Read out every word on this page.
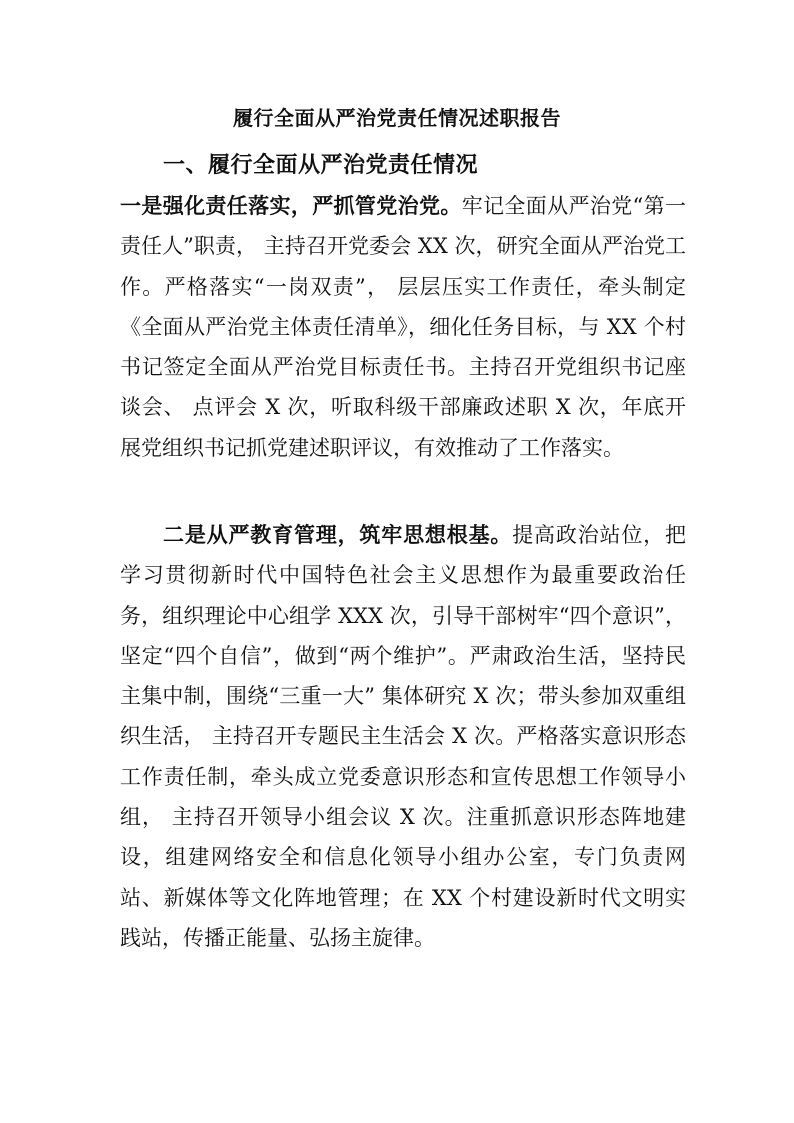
履行全面从严治党责任情况述职报告
一、履行全面从严治党责任情况

一是强化责任落实，严抓管党治党。牢记全面从严治党“第一责任人”职责， 主持召开党委会 XX 次，研究全面从严治党工作。严格落实“一岗双责”， 层层压实工作责任，牵头制定《全面从严治党主体责任清单》，细化任务目标，与 XX 个村书记签定全面从严治党目标责任书。主持召开党组织书记座谈会、 点评会 X 次，听取科级干部廉政述职 X 次，年底开展党组织书记抓党建述职评议，有效推动了工作落实。

二是从严教育管理，筑牢思想根基。提高政治站位，把学习贯彻新时代中国特色社会主义思想作为最重要政治任务，组织理论中心组学 XXX 次，引导干部树牢“四个意识”，坚定“四个自信”，做到“两个维护”。严肃政治生活，坚持民主集中制，围绕“三重一大” 集体研究 X 次；带头参加双重组织生活， 主持召开专题民主生活会 X 次。严格落实意识形态工作责任制，牵头成立党委意识形态和宣传思想工作领导小组， 主持召开领导小组会议 X 次。注重抓意识形态阵地建设，组建网络安全和信息化领导小组办公室，专门负责网站、新媒体等文化阵地管理；在 XX 个村建设新时代文明实践站，传播正能量、弘扬主旋律。
